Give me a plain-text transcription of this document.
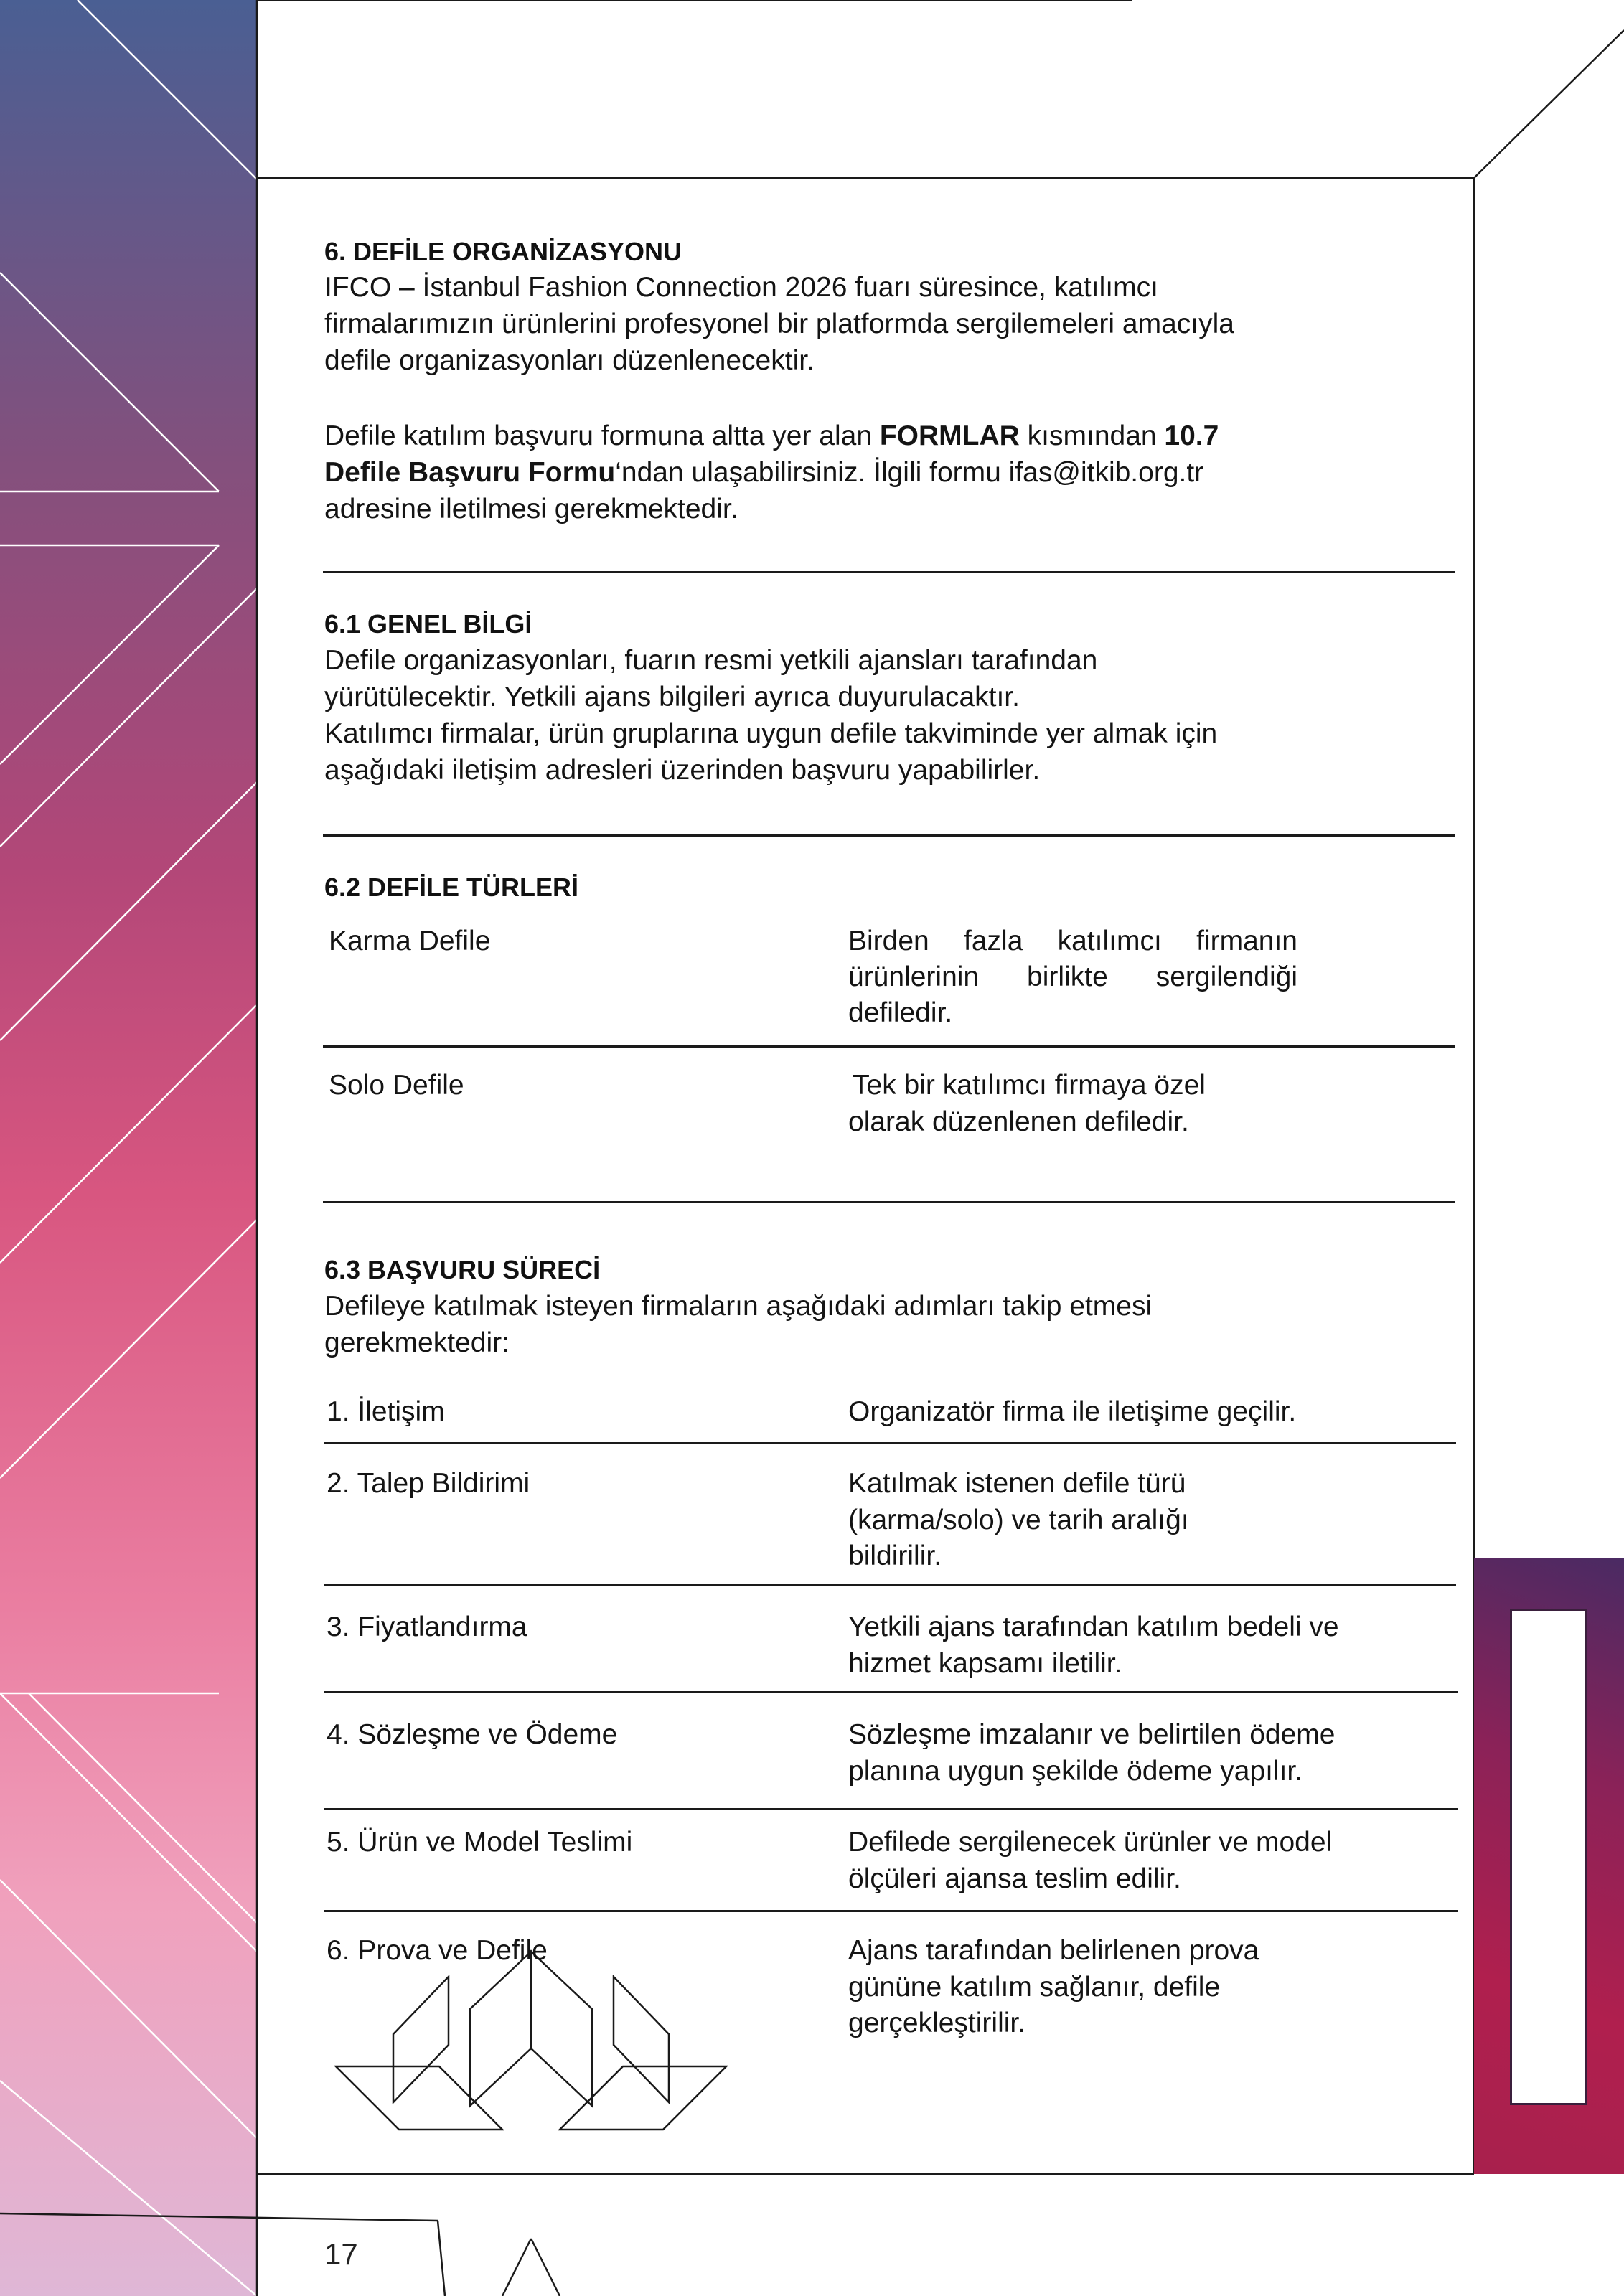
6. DEFİLE ORGANİZASYONU
IFCO – İstanbul Fashion Connection 2026 fuarı süresince, katılımcı
firmalarımızın ürünlerini profesyonel bir platformda sergilemeleri amacıyla
defile organizasyonları düzenlenecektir.
Defile katılım başvuru formuna altta yer alan FORMLAR kısmından 10.7
Defile Başvuru Formu‘ndan ulaşabilirsiniz. İlgili formu ifas@itkib.org.tr
adresine iletilmesi gerekmektedir.
6.1 GENEL BİLGİ
Defile organizasyonları, fuarın resmi yetkili ajansları tarafından
yürütülecektir. Yetkili ajans bilgileri ayrıca duyurulacaktır.
Katılımcı firmalar, ürün gruplarına uygun defile takviminde yer almak için
aşağıdaki iletişim adresleri üzerinden başvuru yapabilirler.
6.2 DEFİLE TÜRLERİ
Karma Defile	Birden fazla katılımcı firmanın ürünlerinin birlikte sergilendiği defiledir.
Solo Defile	Tek bir katılımcı firmaya özel
olarak düzenlenen defiledir.
6.3 BAŞVURU SÜRECİ
Defileye katılmak isteyen firmaların aşağıdaki adımları takip etmesi
gerekmektedir:
1. İletişim	Organizatör firma ile iletişime geçilir.
2. Talep Bildirimi	Katılmak istenen defile türü
(karma/solo) ve tarih aralığı
bildirilir.
3. Fiyatlandırma	Yetkili ajans tarafından katılım bedeli ve
hizmet kapsamı iletilir.
4. Sözleşme ve Ödeme	Sözleşme imzalanır ve belirtilen ödeme
planına uygun şekilde ödeme yapılır.
5. Ürün ve Model Teslimi	Defilede sergilenecek ürünler ve model
ölçüleri ajansa teslim edilir.
6. Prova ve Defile	Ajans tarafından belirlenen prova
gününe katılım sağlanır, defile
gerçekleştirilir.
17
